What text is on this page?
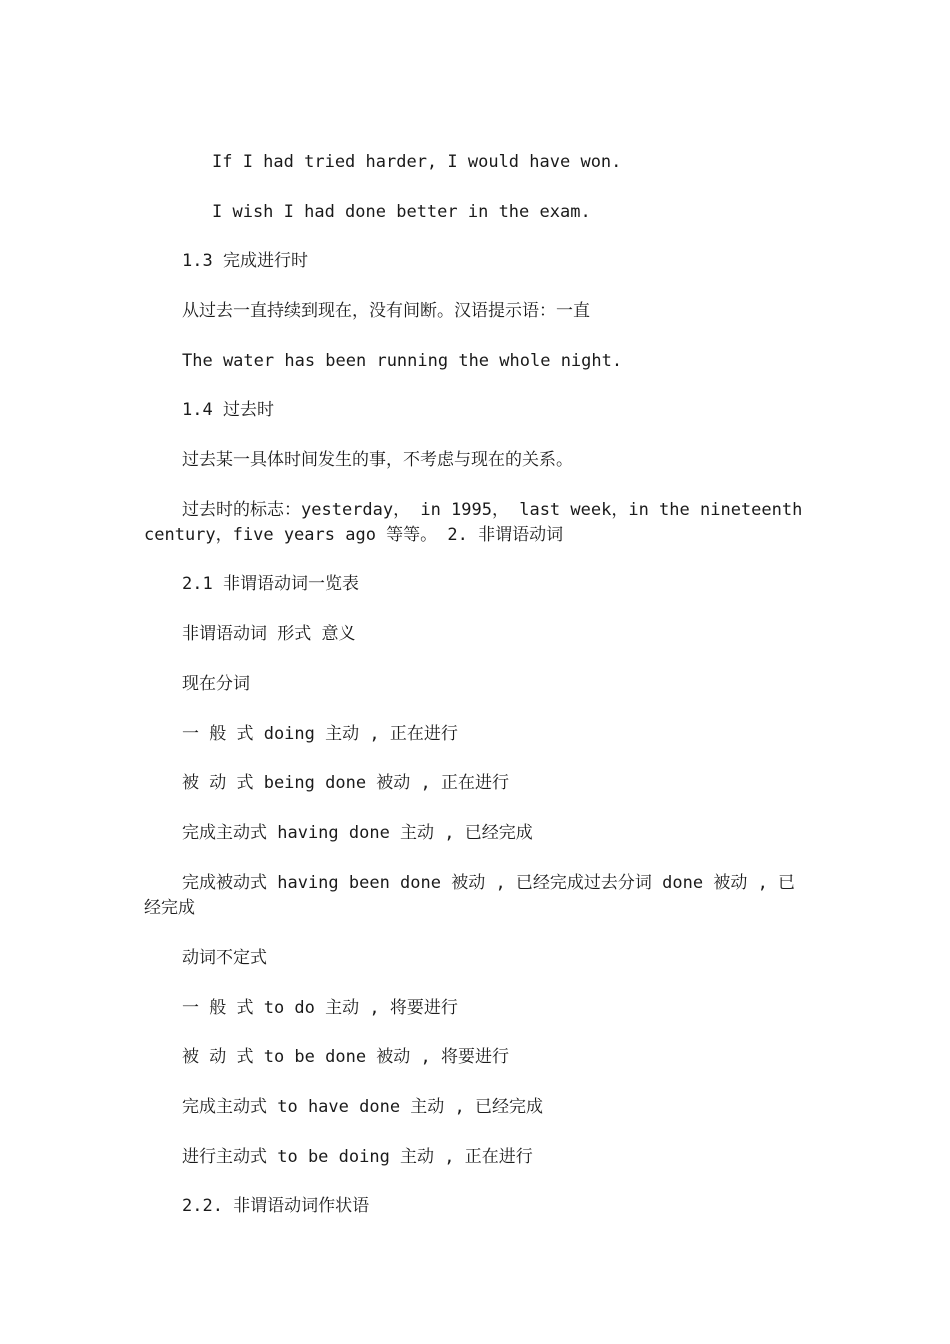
If I had tried harder, I would have won.
I wish I had done better in the exam.
1.3 完成进行时
从过去一直持续到现在，没有间断。汉语提示语：一直
The water has been running the whole night.
1.4 过去时
过去某一具体时间发生的事，不考虑与现在的关系。
过去时的标志：yesterday， in 1995， last week，in the nineteenth century，five years ago 等等。 2. 非谓语动词
2.1 非谓语动词一览表
非谓语动词 形式 意义
现在分词
一 般 式 doing 主动 , 正在进行
被 动 式 being done 被动 , 正在进行
完成主动式 having done 主动 , 已经完成
完成被动式 having been done 被动 , 已经完成过去分词 done 被动 , 已经完成
动词不定式
一 般 式 to do 主动 , 将要进行
被 动 式 to be done 被动 , 将要进行
完成主动式 to have done 主动 , 已经完成
进行主动式 to be doing 主动 , 正在进行
2.2. 非谓语动词作状语
